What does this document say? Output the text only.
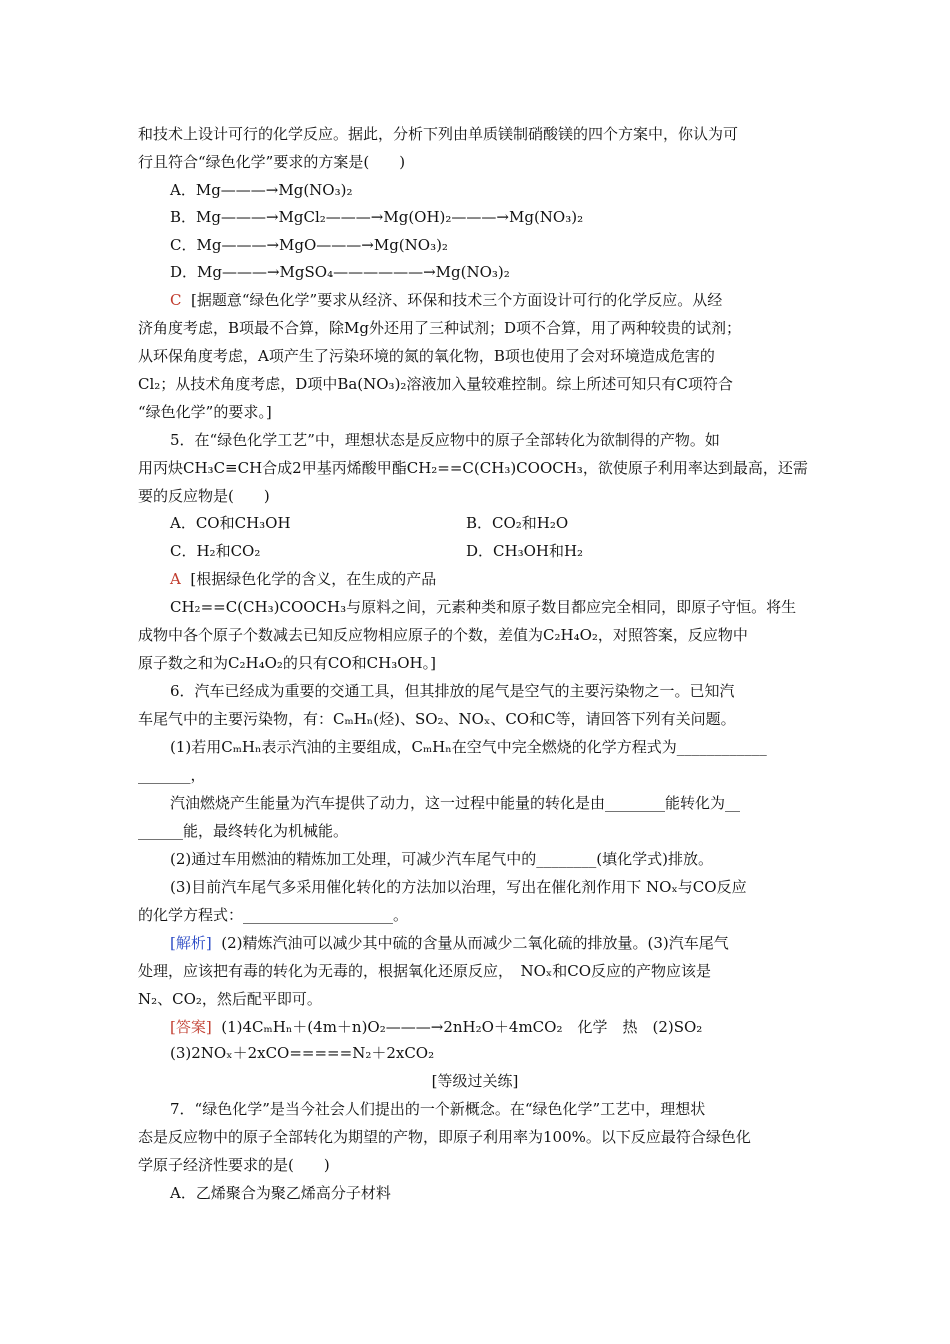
和技术上设计可行的化学反应。据此，分析下列由单质镁制硝酸镁的四个方案中，你认为可
行且符合“绿色化学”要求的方案是(　　)
A．Mg———→Mg(NO₃)₂
B．Mg———→MgCl₂———→Mg(OH)₂———→Mg(NO₃)₂
C．Mg———→MgO———→Mg(NO₃)₂
D．Mg———→MgSO₄——————→Mg(NO₃)₂
C [据题意“绿色化学”要求从经济、环保和技术三个方面设计可行的化学反应。从经
济角度考虑，B项最不合算，除Mg外还用了三种试剂；D项不合算，用了两种较贵的试剂；
从环保角度考虑，A项产生了污染环境的氮的氧化物，B项也使用了会对环境造成危害的
Cl₂；从技术角度考虑，D项中Ba(NO₃)₂溶液加入量较难控制。综上所述可知只有C项符合
“绿色化学”的要求。]
5．在“绿色化学工艺”中，理想状态是反应物中的原子全部转化为欲制得的产物。如
用丙炔CH₃C≡CH合成2甲基丙烯酸甲酯CH₂==C(CH₃)COOCH₃，欲使原子利用率达到最高，还需
要的反应物是(　　)
A．CO和CH₃OH	B．CO₂和H₂O
C．H₂和CO₂	D．CH₃OH和H₂
A [根据绿色化学的含义，在生成的产品
CH₂==C(CH₃)COOCH₃与原料之间，元素种类和原子数目都应完全相同，即原子守恒。将生
成物中各个原子个数减去已知反应物相应原子的个数，差值为C₂H₄O₂，对照答案，反应物中
原子数之和为C₂H₄O₂的只有CO和CH₃OH。]
6．汽车已经成为重要的交通工具，但其排放的尾气是空气的主要污染物之一。已知汽
车尾气中的主要污染物，有：CₘHₙ(烃)、SO₂、NOₓ、CO和C等，请回答下列有关问题。
(1)若用CₘHₙ表示汽油的主要组成，CₘHₙ在空气中完全燃烧的化学方程式为____________
_______，
汽油燃烧产生能量为汽车提供了动力，这一过程中能量的转化是由________能转化为__
______能，最终转化为机械能。
(2)通过车用燃油的精炼加工处理，可减少汽车尾气中的________(填化学式)排放。
(3)目前汽车尾气多采用催化转化的方法加以治理，写出在催化剂作用下 NOₓ与CO反应
的化学方程式：____________________。
[解析] (2)精炼汽油可以减少其中硫的含量从而减少二氧化硫的排放量。(3)汽车尾气
处理，应该把有毒的转化为无毒的，根据氧化还原反应，　NOₓ和CO反应的产物应该是
N₂、CO₂，然后配平即可。
[答案] (1)4CₘHₙ＋(4m＋n)O₂———→2nH₂O＋4mCO₂　化学　热　(2)SO₂
(3)2NOₓ＋2xCO=====N₂＋2xCO₂
[等级过关练]
7．“绿色化学”是当今社会人们提出的一个新概念。在“绿色化学”工艺中，理想状
态是反应物中的原子全部转化为期望的产物，即原子利用率为100%。以下反应最符合绿色化
学原子经济性要求的是(　　)
A．乙烯聚合为聚乙烯高分子材料
